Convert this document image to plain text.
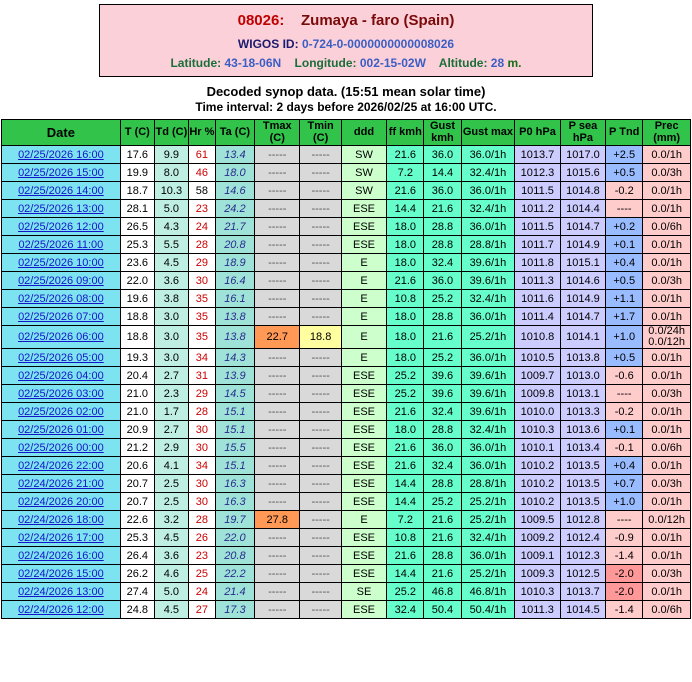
08026: Zumaya - faro (Spain)
WIGOS ID: 0-724-0-0000000000008026
Latitude: 43-18-06N Longitude: 002-15-02W Altitude: 28 m.
Decoded synop data. (15:51 mean solar time)
Time interval: 2 days before 2026/02/25 at 16:00 UTC.
Date	T (C)	Td (C)	Hr %	Ta (C)	Tmax (C)	Tmin (C)	ddd	ff kmh	Gust kmh	Gust max	P0 hPa	P sea hPa	P Tnd	Prec (mm)
02/25/2026 16:00	17.6	9.9	61	13.4	-----	-----	SW	21.6	36.0	36.0/1h	1013.7	1017.0	+2.5	0.0/1h
02/25/2026 15:00	19.9	8.0	46	18.0	-----	-----	SW	7.2	14.4	32.4/1h	1012.3	1015.6	+0.5	0.0/3h
02/25/2026 14:00	18.7	10.3	58	14.6	-----	-----	SW	21.6	36.0	36.0/1h	1011.5	1014.8	-0.2	0.0/1h
02/25/2026 13:00	28.1	5.0	23	24.2	-----	-----	ESE	14.4	21.6	32.4/1h	1011.2	1014.4	----	0.0/1h
02/25/2026 12:00	26.5	4.3	24	21.7	-----	-----	ESE	18.0	28.8	36.0/1h	1011.5	1014.7	+0.2	0.0/6h
02/25/2026 11:00	25.3	5.5	28	20.8	-----	-----	ESE	18.0	28.8	28.8/1h	1011.7	1014.9	+0.1	0.0/1h
02/25/2026 10:00	23.6	4.5	29	18.9	-----	-----	E	18.0	32.4	39.6/1h	1011.8	1015.1	+0.4	0.0/1h
02/25/2026 09:00	22.0	3.6	30	16.4	-----	-----	E	21.6	36.0	39.6/1h	1011.3	1014.6	+0.5	0.0/3h
02/25/2026 08:00	19.6	3.8	35	16.1	-----	-----	E	10.8	25.2	32.4/1h	1011.6	1014.9	+1.1	0.0/1h
02/25/2026 07:00	18.8	3.0	35	13.8	-----	-----	E	18.0	28.8	36.0/1h	1011.4	1014.7	+1.7	0.0/1h
02/25/2026 06:00	18.8	3.0	35	13.8	22.7	18.8	E	18.0	21.6	25.2/1h	1010.8	1014.1	+1.0	0.0/24h
0.0/12h

02/25/2026 05:00	19.3	3.0	34	14.3	-----	-----	E	18.0	25.2	36.0/1h	1010.5	1013.8	+0.5	0.0/1h
02/25/2026 04:00	20.4	2.7	31	13.9	-----	-----	ESE	25.2	39.6	39.6/1h	1009.7	1013.0	-0.6	0.0/1h
02/25/2026 03:00	21.0	2.3	29	14.5	-----	-----	ESE	25.2	39.6	39.6/1h	1009.8	1013.1	----	0.0/3h
02/25/2026 02:00	21.0	1.7	28	15.1	-----	-----	ESE	21.6	32.4	39.6/1h	1010.0	1013.3	-0.2	0.0/1h
02/25/2026 01:00	20.9	2.7	30	15.1	-----	-----	ESE	18.0	28.8	32.4/1h	1010.3	1013.6	+0.1	0.0/1h
02/25/2026 00:00	21.2	2.9	30	15.5	-----	-----	ESE	21.6	36.0	36.0/1h	1010.1	1013.4	-0.1	0.0/6h
02/24/2026 22:00	20.6	4.1	34	15.1	-----	-----	ESE	21.6	32.4	36.0/1h	1010.2	1013.5	+0.4	0.0/1h
02/24/2026 21:00	20.7	2.5	30	16.3	-----	-----	ESE	14.4	28.8	28.8/1h	1010.2	1013.5	+0.7	0.0/3h
02/24/2026 20:00	20.7	2.5	30	16.3	-----	-----	ESE	14.4	25.2	25.2/1h	1010.2	1013.5	+1.0	0.0/1h
02/24/2026 18:00	22.6	3.2	28	19.7	27.8	-----	E	7.2	21.6	25.2/1h	1009.5	1012.8	----	0.0/12h
02/24/2026 17:00	25.3	4.5	26	22.0	-----	-----	ESE	10.8	21.6	32.4/1h	1009.2	1012.4	-0.9	0.0/1h
02/24/2026 16:00	26.4	3.6	23	20.8	-----	-----	ESE	21.6	28.8	36.0/1h	1009.1	1012.3	-1.4	0.0/1h
02/24/2026 15:00	26.2	4.6	25	22.2	-----	-----	ESE	14.4	21.6	25.2/1h	1009.3	1012.5	-2.0	0.0/3h
02/24/2026 13:00	27.4	5.0	24	21.4	-----	-----	SE	25.2	46.8	46.8/1h	1010.3	1013.7	-2.0	0.0/1h
02/24/2026 12:00	24.8	4.5	27	17.3	-----	-----	ESE	32.4	50.4	50.4/1h	1011.3	1014.5	-1.4	0.0/6h
